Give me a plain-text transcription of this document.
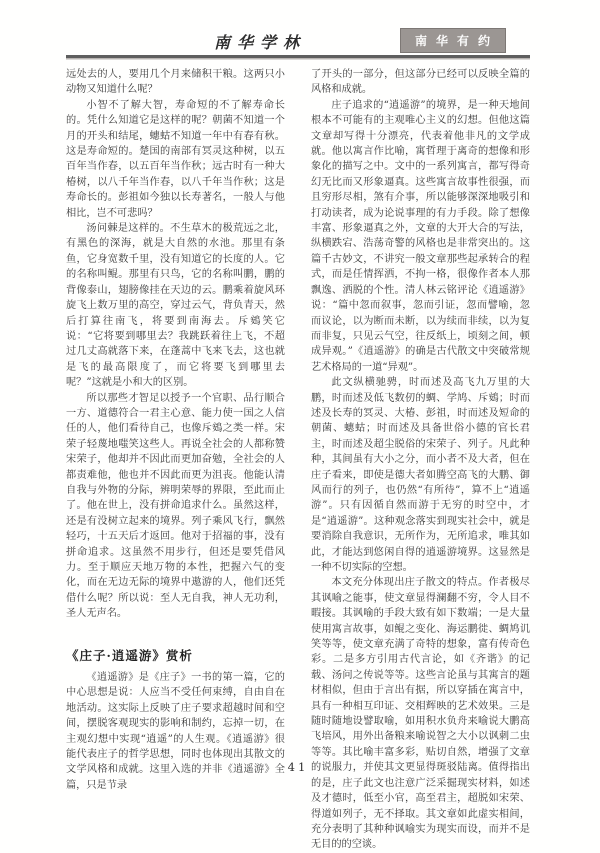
南华学林	南华有约

远处去的人，要用几个月来储积干粮。这两只小动物又知道什么呢？

小智不了解大智，寿命短的不了解寿命长的。凭什么知道它是这样的呢？朝菌不知道一个月的开头和结尾，蟪蛄不知道一年中有春有秋。这是寿命短的。楚国的南部有冥灵这种树，以五百年当作春，以五百年当作秋；远古时有一种大椿树，以八千年当作春，以八千年当作秋；这是寿命长的。彭祖如今独以长寿著名，一般人与他相比，岂不可悲吗？

汤问棘是这样的。不生草木的极荒远之北，有黑色的深海，就是大自然的水池。那里有条鱼，它身宽数千里，没有知道它的长度的人。它的名称叫鲲。那里有只鸟，它的名称叫鹏，鹏的背像泰山，翅膀像挂在天边的云。鹏乘着旋风环旋飞上数万里的高空，穿过云气，背负青天，然后打算往南飞，将要到南海去。斥鴳笑它说：“它将要到哪里去？我跳跃着往上飞，不超过几丈高就落下来，在蓬蒿中飞来飞去，这也就是飞的最高限度了，而它将要飞到哪里去呢？”这就是小和大的区别。

所以那些才智足以授予一个官职、品行顺合一方、道德符合一君主心意、能力使一国之人信任的人，他们看待自己，也像斥鴳之类一样。宋荣子轻蔑地嗤笑这些人。再说全社会的人都称赞宋荣子，他却并不因此而更加奋勉，全社会的人都责难他，他也并不因此而更为沮丧。他能认清自我与外物的分际，辨明荣辱的界限，至此而止了。他在世上，没有拼命追求什么。虽然这样，还是有没树立起来的境界。列子乘风飞行，飘然轻巧，十五天后才返回。他对于招福的事，没有拼命追求。这虽然不用步行，但还是要凭借风力。至于顺应天地万物的本性，把握六气的变化，而在无边无际的境界中遨游的人，他们还凭借什么呢？所以说：至人无自我，神人无功利，圣人无声名。

《庄子·逍遥游》赏析

《逍遥游》是《庄子》一书的第一篇，它的中心思想是说：人应当不受任何束缚，自由自在地活动。这实际上反映了庄子要求超越时间和空间，摆脱客观现实的影响和制约，忘掉一切，在主观幻想中实现“逍遥”的人生观。《逍遥游》很能代表庄子的哲学思想，同时也体现出其散文的文学风格和成就。这里入选的并非《逍遥游》全篇，只是节录

了开头的一部分，但这部分已经可以反映全篇的风格和成就。

庄子追求的“逍遥游”的境界，是一种天地间根本不可能有的主观唯心主义的幻想。但他这篇文章却写得十分漂亮，代表着他非凡的文学成就。他以寓言作比喻，寓哲理于离奇的想像和形象化的描写之中。文中的一系列寓言，都写得奇幻无比而又形象逼真。这些寓言故事性很强，而且穷形尽相，煞有介事，所以能够深深地吸引和打动读者，成为论说事理的有力手段。除了想像丰富、形象逼真之外，文章的大开大合的写法，纵横跌宕、浩荡奇警的风格也是非常突出的。这篇千古妙文，不讲究一般文章那些起承转合的程式，而是任情挥洒，不拘一格，很像作者本人那飘逸、洒脱的个性。清人林云铭评论《逍遥游》说：“篇中忽而叙事，忽而引证，忽而譬喻，忽而议论，以为断而未断，以为续而非续，以为复而非复，只见云气空，往反纸上，顷刻之间，顿成异观。”《逍遥游》的确是古代散文中突破常规艺术格局的一道“异观”。

此文纵横驰骋，时而述及高飞九万里的大鹏，时而述及低飞数仞的蜩、学鸠、斥鴳；时而述及长寿的冥灵、大椿、彭祖，时而述及短命的朝菌、蟪蛄；时而述及具备世俗小德的官长君主，时而述及超尘脱俗的宋荣子、列子。凡此种种，其间虽有大小之分，而小者不及大者，但在庄子看来，即使是德大者如腾空高飞的大鹏、御风而行的列子，也仍然“有所待”，算不上“逍遥游”。只有因循自然而游于无穷的时空中，才是“逍遥游”。这种观念落实到现实社会中，就是要消除自我意识，无所作为，无所追求，唯其如此，才能达到悠闲自得的逍遥游境界。这显然是一种不切实际的空想。

本文充分体现出庄子散文的特点。作者极尽其讽喻之能事，使文章显得澜翻不穷，令人目不暇接。其讽喻的手段大致有如下数端；一是大量使用寓言故事，如鲲之变化、海运鹏徙、蜩鸠讥笑等等，使文章充满了奇特的想象，富有传奇色彩。二是多方引用古代言论，如《齐谐》的记载、汤问之传说等等。这些言论虽与其寓言的题材相似，但由于言出有据，所以穿插在寓言中，具有一种相互印证、交相辉映的艺术效果。三是随时随地设譬取喻，如用积水负舟来喻说大鹏高飞培风，用外出备粮来喻说智之大小以讽刺二虫等等。其比喻丰富多彩，贴切自然，增强了文章的说服力，并使其文更显得斑驳陆离。值得指出的是，庄子此文也注意广泛采掘现实材料，如述及才德时，低至小官，高至君主，超脱如宋荣、得道如列子，无不择取。其文章如此虚实相间，充分表明了其种种讽喻实为现实而设，而并不是无目的的空谈。

41
